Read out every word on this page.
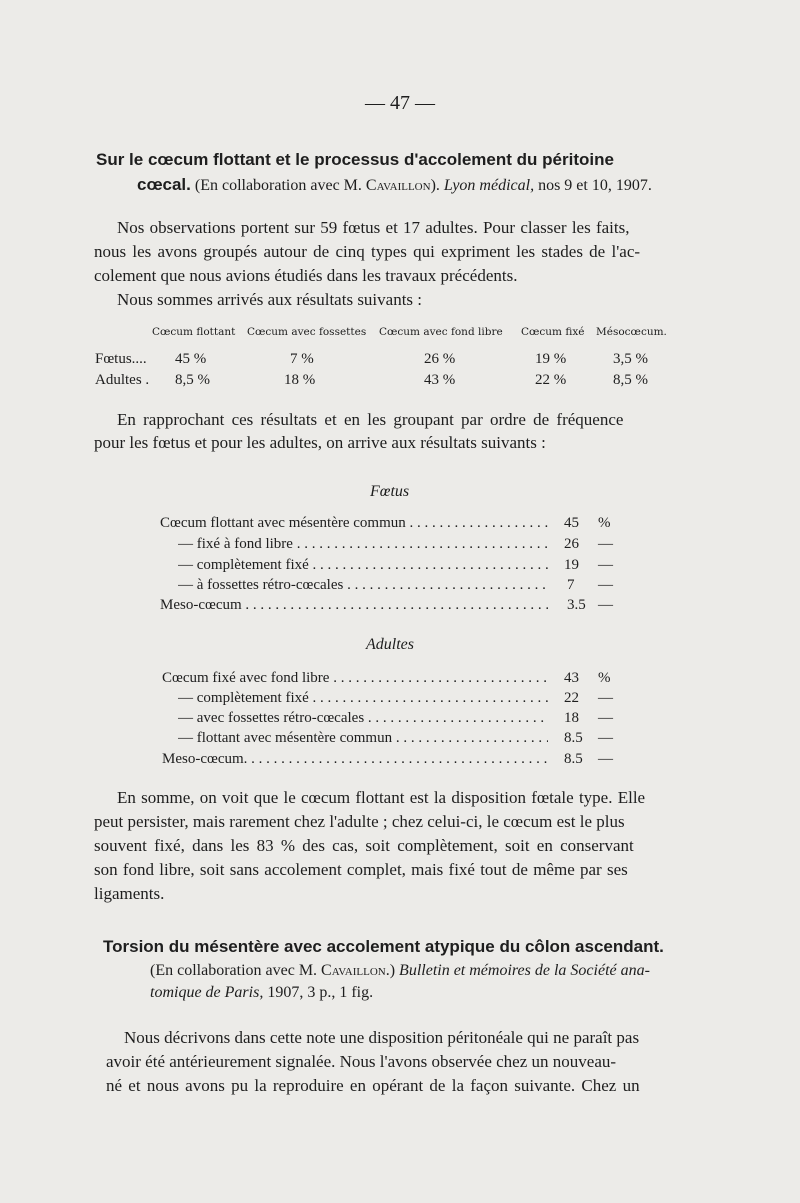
— 47 —
Sur le cœcum flottant et le processus d'accolement du péritoine
cœcal. (En collaboration avec M. Cavaillon). Lyon médical, nos 9 et 10, 1907.
Nos observations portent sur 59 fœtus et 17 adultes. Pour classer les faits,
nous les avons groupés autour de cinq types qui expriment les stades de l'ac-
colement que nous avions étudiés dans les travaux précédents.
Nous sommes arrivés aux résultats suivants :
Cœcum flottant Cœcum avec fossettes Cœcum avec fond libre Cœcum fixé Mésocœcum.
Fœtus.... 45 %	7 %	26 %	19 %	3,5 %
Adultes . 8,5 %	18 %	43 %	22 %	8,5 %
En rapprochant ces résultats et en les groupant par ordre de fréquence
pour les fœtus et pour les adultes, on arrive aux résultats suivants :
Fœtus
Cœcum flottant avec mésentère commun . . .	45 %
— fixé à fond libre . . .	26 —
— complètement fixé . . .	19 —
— à fossettes rétro-cœcales . . .	7 —
Meso-cœcum . . .	3.5 —
Adultes
Cœcum fixé avec fond libre . . .	43 %
— complètement fixé . . .	22 —
— avec fossettes rétro-cœcales . . .	18 —
— flottant avec mésentère commun . . .	8.5 —
Meso-cœcum. . . .	8.5 —
En somme, on voit que le cœcum flottant est la disposition fœtale type. Elle
peut persister, mais rarement chez l'adulte ; chez celui-ci, le cœcum est le plus
souvent fixé, dans les 83 % des cas, soit complètement, soit en conservant
son fond libre, soit sans accolement complet, mais fixé tout de même par ses
ligaments.
Torsion du mésentère avec accolement atypique du côlon ascendant.
(En collaboration avec M. Cavaillon.) Bulletin et mémoires de la Société ana-
tomique de Paris, 1907, 3 p., 1 fig.
Nous décrivons dans cette note une disposition péritonéale qui ne paraît pas
avoir été antérieurement signalée. Nous l'avons observée chez un nouveau-
né et nous avons pu la reproduire en opérant de la façon suivante. Chez un
